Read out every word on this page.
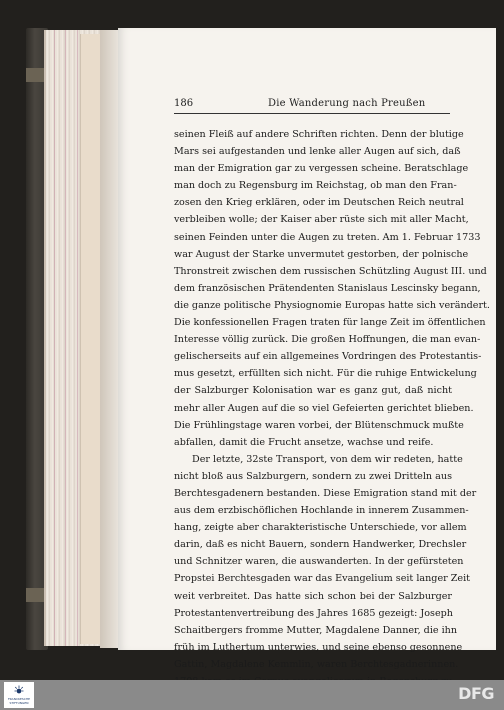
186	Die Wanderung nach Preußen
seinen Fleiß auf andere Schriften richten. Denn der blutige
Mars sei aufgestanden und lenke aller Augen auf sich, daß
man der Emigration gar zu vergessen scheine. Beratschlage
man doch zu Regensburg im Reichstag, ob man den Fran-
zosen den Krieg erklären, oder im Deutschen Reich neutral
verbleiben wolle; der Kaiser aber rüste sich mit aller Macht,
seinen Feinden unter die Augen zu treten. Am 1. Februar 1733
war August der Starke unvermutet gestorben, der polnische
Thronstreit zwischen dem russischen Schützling August III. und
dem französischen Prätendenten Stanislaus Lescinsky begann,
die ganze politische Physiognomie Europas hatte sich verändert.
Die konfessionellen Fragen traten für lange Zeit im öffentlichen
Interesse völlig zurück. Die großen Hoffnungen, die man evan-
gelischerseits auf ein allgemeines Vordringen des Protestantis-
mus gesetzt, erfüllten sich nicht. Für die ruhige Entwickelung
der Salzburger Kolonisation war es ganz gut, daß nicht
mehr aller Augen auf die so viel Gefeierten gerichtet blieben.
Die Frühlingstage waren vorbei, der Blütenschmuck mußte
abfallen, damit die Frucht ansetze, wachse und reife.
Der letzte, 32ste Transport, von dem wir redeten, hatte
nicht bloß aus Salzburgern, sondern zu zwei Dritteln aus
Berchtesgadenern bestanden. Diese Emigration stand mit der
aus dem erzbischöflichen Hochlande in innerem Zusammen-
hang, zeigte aber charakteristische Unterschiede, vor allem
darin, daß es nicht Bauern, sondern Handwerker, Drechsler
und Schnitzer waren, die auswanderten. In der gefürsteten
Propstei Berchtesgaden war das Evangelium seit langer Zeit
weit verbreitet. Das hatte sich schon bei der Salzburger
Protestantenvertreibung des Jahres 1685 gezeigt: Joseph
Schaitbergers fromme Mutter, Magdalene Danner, die ihn
früh im Luthertum unterwies, und seine ebenso gesonnene
Gattin, Magdalene Kemmlin, waren Berchtesgadnerinnen.
FRANCKESCHE STIFTUNGEN	DFG
